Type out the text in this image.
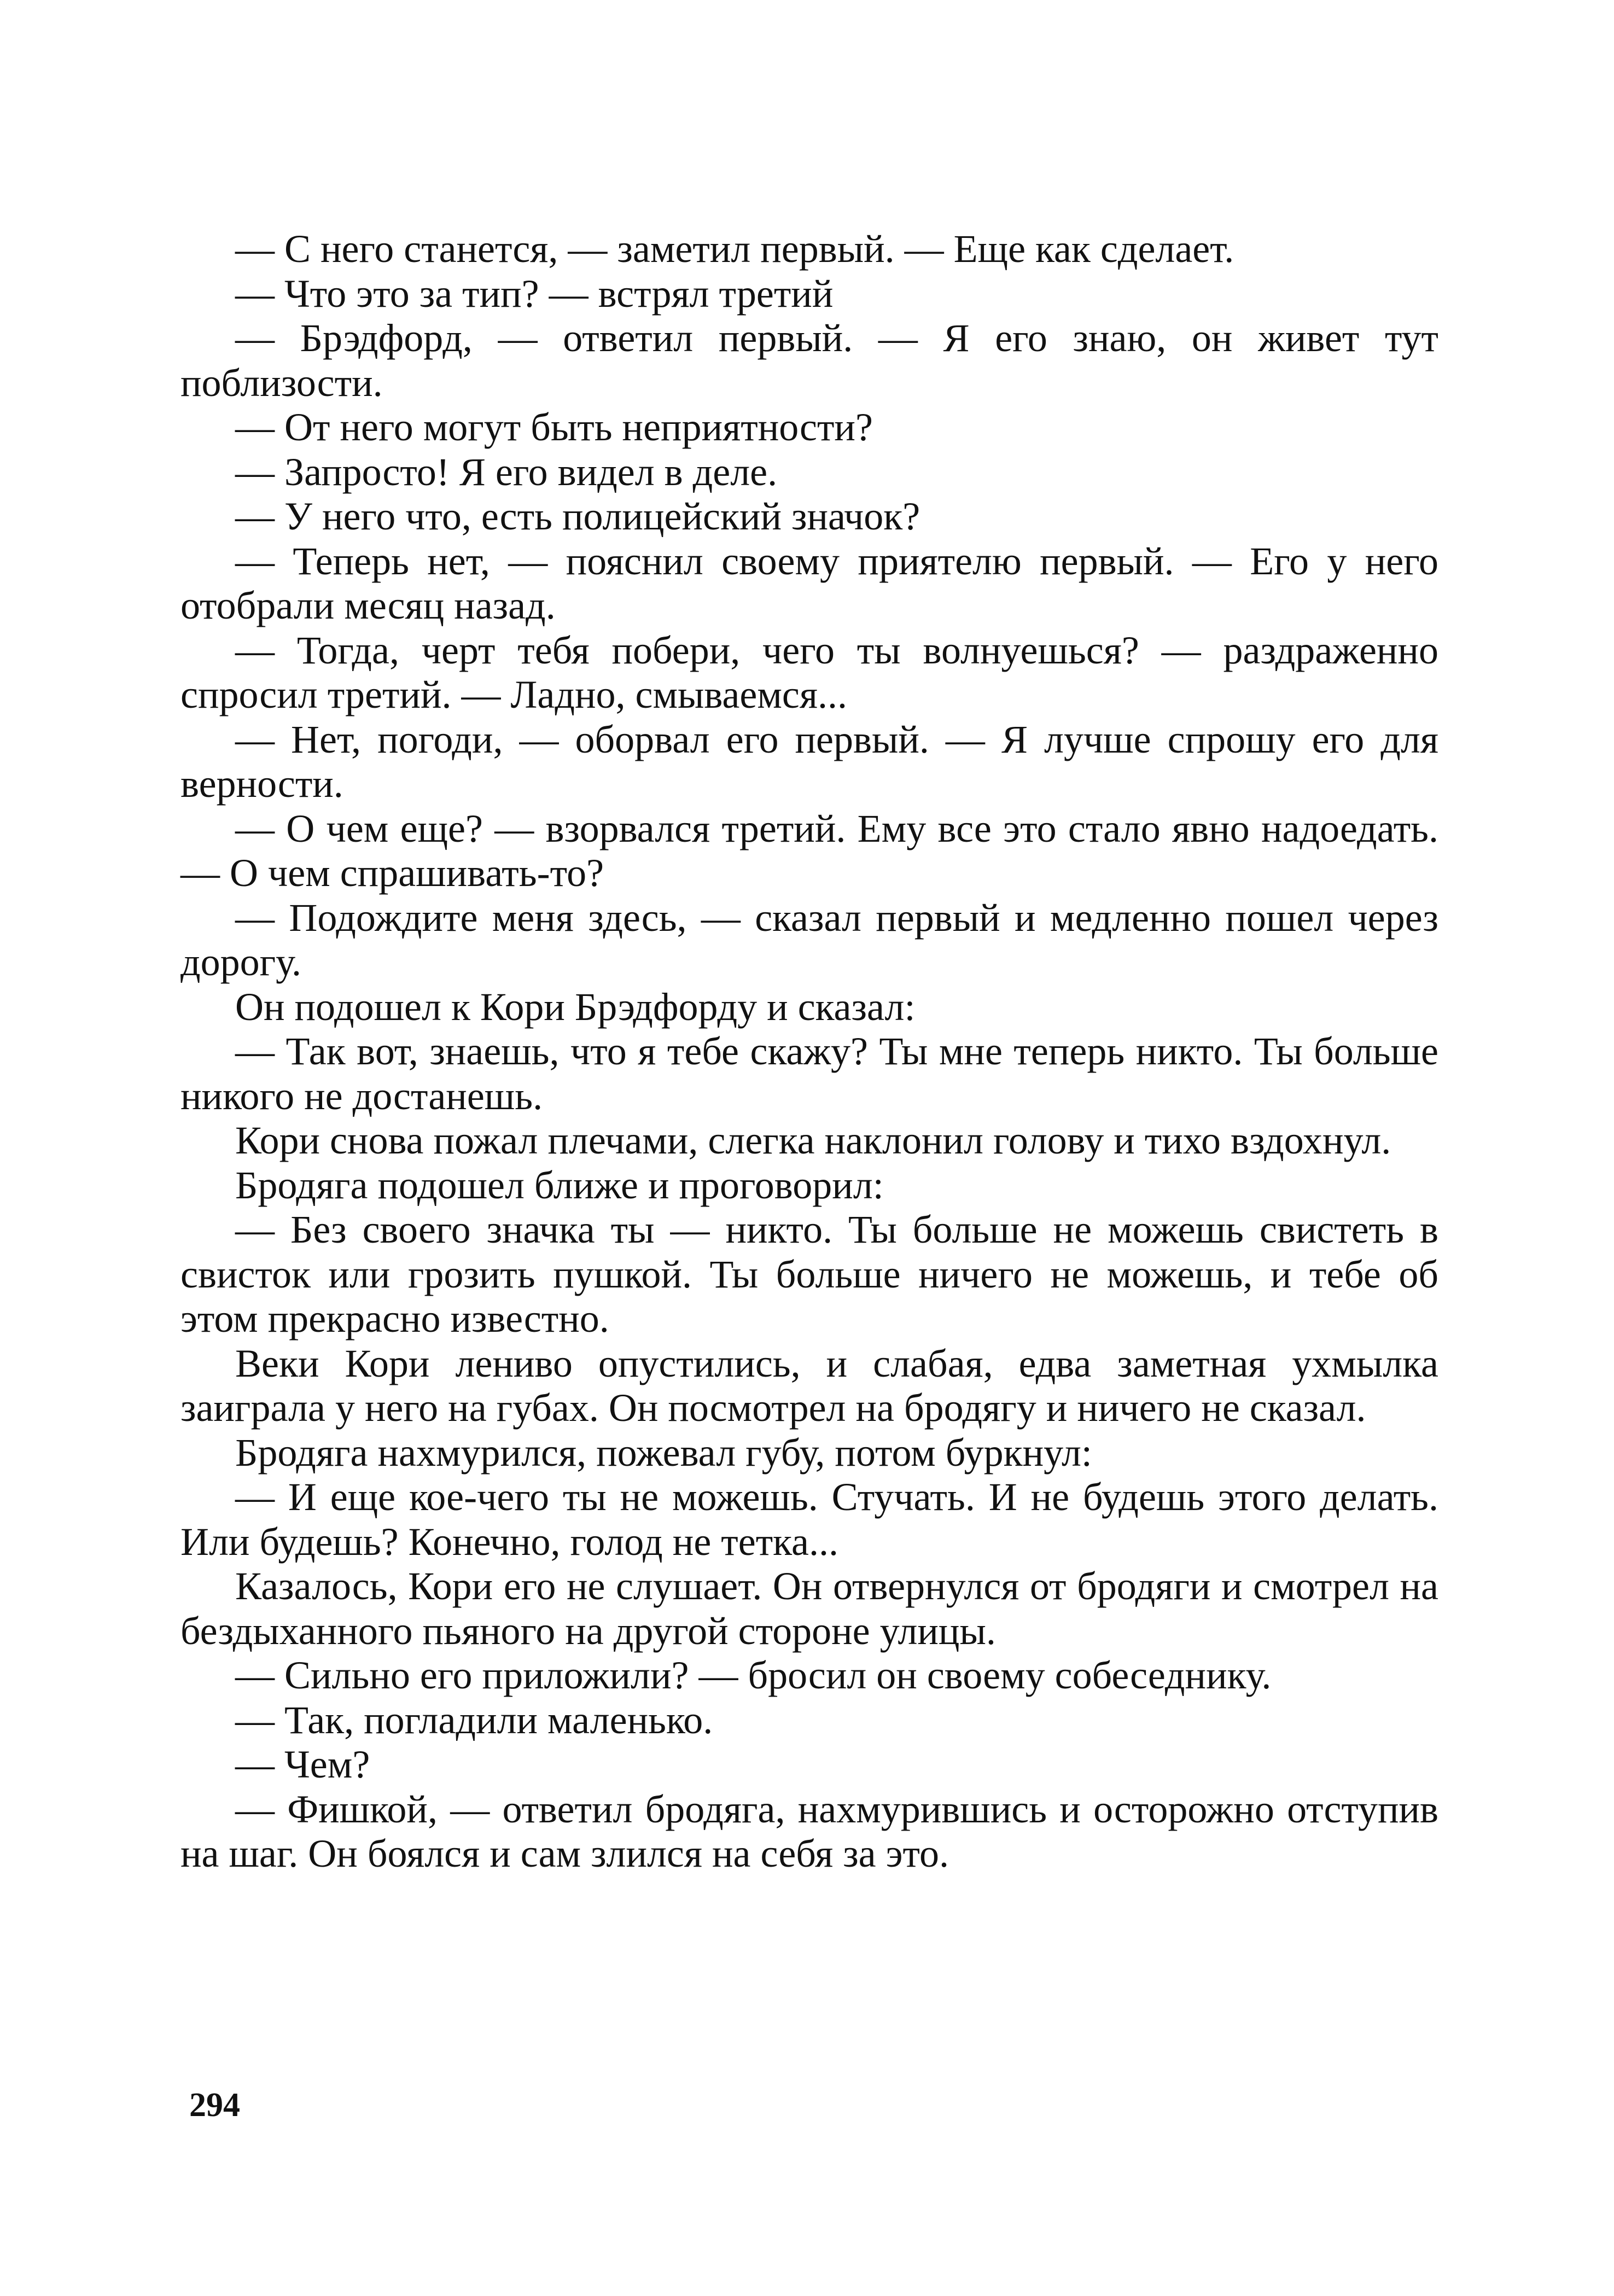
— С него станется, — заметил первый. — Еще как сделает.

— Что это за тип? — встрял третий

— Брэдфорд, — ответил первый. — Я его знаю, он живет тут поблизости.

— От него могут быть неприятности?

— Запросто! Я его видел в деле.

— У него что, есть полицейский значок?

— Теперь нет, — пояснил своему приятелю первый. — Его у него отобрали месяц назад.

— Тогда, черт тебя побери, чего ты волнуешься? — раздраженно спросил третий. — Ладно, смываемся...

— Нет, погоди, — оборвал его первый. — Я лучше спрошу его для верности.

— О чем еще? — взорвался третий. Ему все это стало явно надоедать. — О чем спрашивать-то?

— Подождите меня здесь, — сказал первый и медленно пошел через дорогу.

Он подошел к Кори Брэдфорду и сказал:

— Так вот, знаешь, что я тебе скажу? Ты мне теперь никто. Ты больше никого не достанешь.

Кори снова пожал плечами, слегка наклонил голову и тихо вздохнул.

Бродяга подошел ближе и проговорил:

— Без своего значка ты — никто. Ты больше не можешь свистеть в свисток или грозить пушкой. Ты больше ничего не можешь, и тебе об этом прекрасно известно.

Веки Кори лениво опустились, и слабая, едва заметная ухмылка заиграла у него на губах. Он посмотрел на бродягу и ничего не сказал.

Бродяга нахмурился, пожевал губу, потом буркнул:

— И еще кое-чего ты не можешь. Стучать. И не будешь этого делать. Или будешь? Конечно, голод не тетка...

Казалось, Кори его не слушает. Он отвернулся от бродяги и смотрел на бездыханного пьяного на другой стороне улицы.

— Сильно его приложили? — бросил он своему собеседнику.

— Так, погладили маленько.

— Чем?

— Фишкой, — ответил бродяга, нахмурившись и осторожно отступив на шаг. Он боялся и сам злился на себя за это.

294
